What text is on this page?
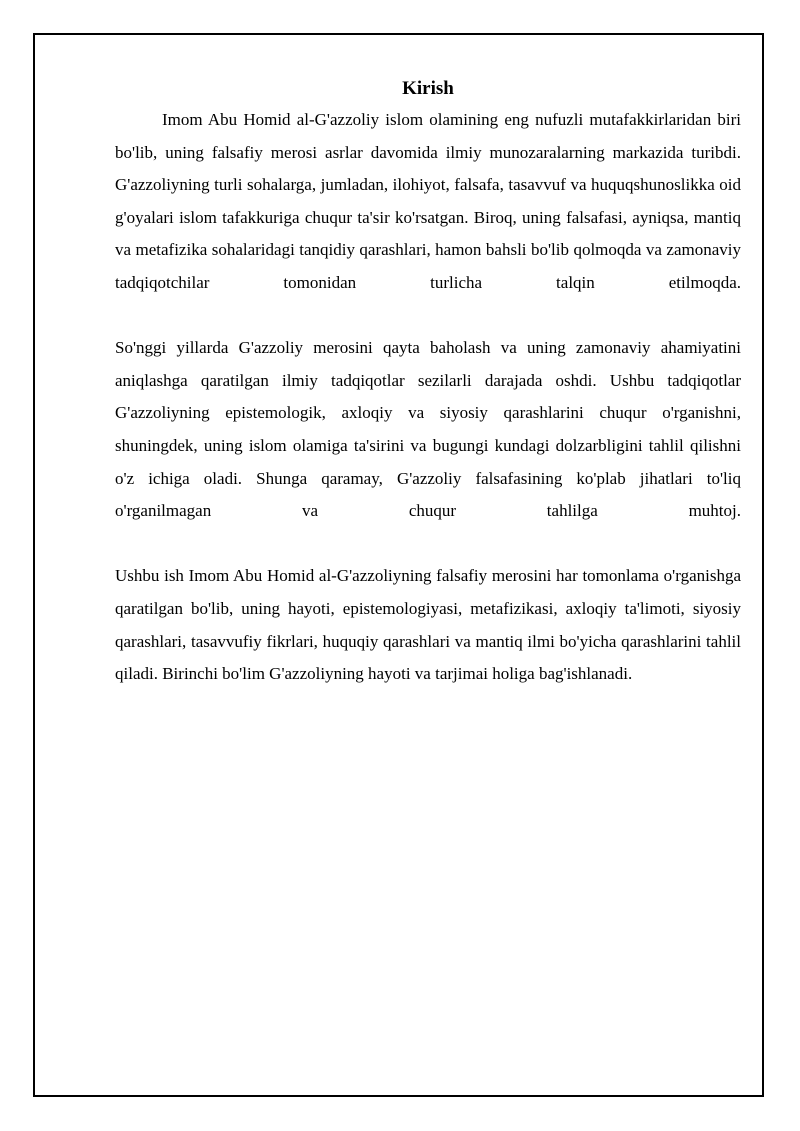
Kirish

Imom Abu Homid al-G'azzoliy islom olamining eng nufuzli mutafakkirlaridan biri bo'lib, uning falsafiy merosi asrlar davomida ilmiy munozaralarning markazida turibdi. G'azzoliyning turli sohalarga, jumladan, ilohiyot, falsafa, tasavvuf va huquqshunoslikka oid g'oyalari islom tafakkuriga chuqur ta'sir ko'rsatgan. Biroq, uning falsafasi, ayniqsa, mantiq va metafizika sohalaridagi tanqidiy qarashlari, hamon bahsli bo'lib qolmoqda va zamonaviy tadqiqotchilar tomonidan turlicha talqin etilmoqda.

So'nggi yillarda G'azzoliy merosini qayta baholash va uning zamonaviy ahamiyatini aniqlashga qaratilgan ilmiy tadqiqotlar sezilarli darajada oshdi. Ushbu tadqiqotlar G'azzoliyning epistemologik, axloqiy va siyosiy qarashlarini chuqur o'rganishni, shuningdek, uning islom olamiga ta'sirini va bugungi kundagi dolzarbligini tahlil qilishni o'z ichiga oladi. Shunga qaramay, G'azzoliy falsafasining ko'plab jihatlari to'liq o'rganilmagan va chuqur tahlilga muhtoj.

Ushbu ish Imom Abu Homid al-G'azzoliyning falsafiy merosini har tomonlama o'rganishga qaratilgan bo'lib, uning hayoti, epistemologiyasi, metafizikasi, axloqiy ta'limoti, siyosiy qarashlari, tasavvufiy fikrlari, huquqiy qarashlari va mantiq ilmi bo'yicha qarashlarini tahlil qiladi. Birinchi bo'lim G'azzoliyning hayoti va tarjimai holiga bag'ishlanadi.
